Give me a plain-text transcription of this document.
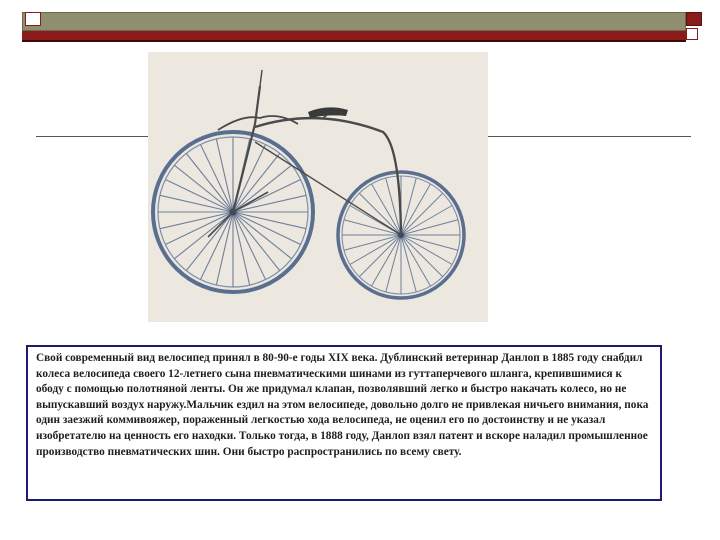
Свой современный вид велосипед принял в 80-90-е годы XIX века. Дублинский ветеринар Данлоп в 1885 году снабдил колеса велосипеда своего 12-летнего сына пневматическими шинами из гуттаперчевого шланга, крепившимися к ободу с помощью полотняной ленты. Он же придумал клапан, позволявший легко и быстро накачать колесо, но не выпускавший воздух наружу.Мальчик ездил на этом велосипеде, довольно долго не привлекая ничьего внимания, пока один заезжий коммивояжер, пораженный легкостью хода велосипеда, не оценил его по достоинству и не указал изобретателю на ценность его находки. Только тогда, в 1888 году, Данлоп взял патент и вскоре наладил промышленное производство пневматических шин. Они быстро распространились по всему свету.
